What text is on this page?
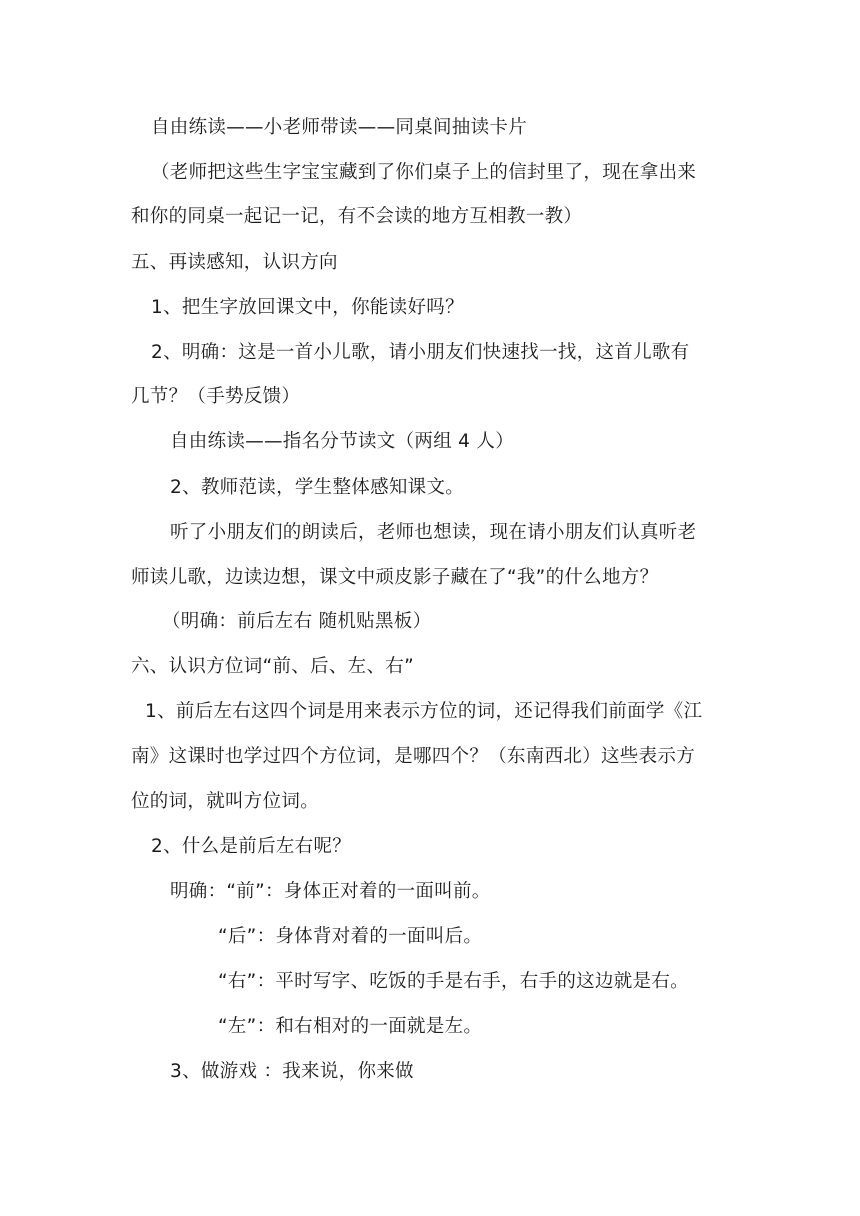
自由练读——小老师带读——同桌间抽读卡片
（老师把这些生字宝宝藏到了你们桌子上的信封里了，现在拿出来
和你的同桌一起记一记，有不会读的地方互相教一教）
五、再读感知，认识方向
1、把生字放回课文中，你能读好吗？
2、明确：这是一首小儿歌，请小朋友们快速找一找，这首儿歌有
几节？（手势反馈）
自由练读——指名分节读文（两组 4 人）
2、教师范读，学生整体感知课文。
听了小朋友们的朗读后，老师也想读，现在请小朋友们认真听老
师读儿歌，边读边想，课文中顽皮影子藏在了“我”的什么地方？
（明确：前后左右 随机贴黑板）
六、认识方位词“前、后、左、右”
1、前后左右这四个词是用来表示方位的词，还记得我们前面学《江
南》这课时也学过四个方位词，是哪四个？（东南西北）这些表示方
位的词，就叫方位词。
2、什么是前后左右呢？
明确：“前”：身体正对着的一面叫前。
“后”：身体背对着的一面叫后。
“右”：平时写字、吃饭的手是右手，右手的这边就是右。
“左”：和右相对的一面就是左。
3、做游戏 ：我来说，你来做
